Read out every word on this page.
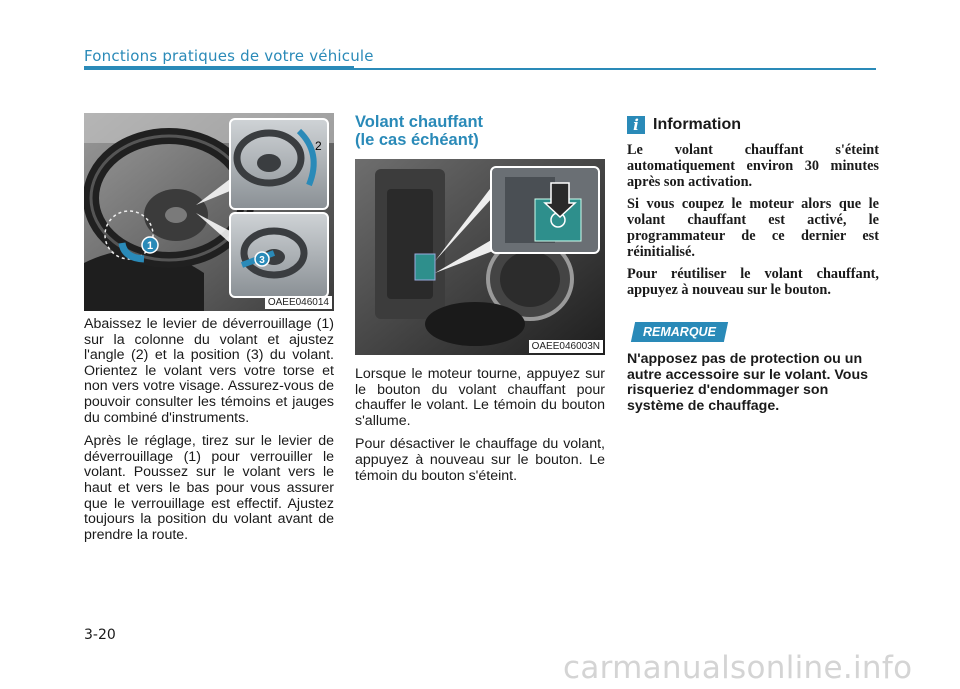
Fonctions pratiques de votre véhicule
1
2
3
OAEE046014

Abaissez le levier de déverrouillage (1) sur la colonne du volant et ajustez l'angle (2) et la position (3) du volant. Orientez le volant vers votre torse et non vers votre visage. Assurez-vous de pouvoir consulter les témoins et jauges du combiné d'instruments.

Après le réglage, tirez sur le levier de déverrouillage (1) pour verrouiller le volant. Poussez sur le volant vers le haut et vers le bas pour vous assurer que le verrouillage est effectif. Ajustez toujours la position du volant avant de prendre la route.

Volant chauffant
(le cas échéant)
OAEE046003N

Lorsque le moteur tourne, appuyez sur le bouton du volant chauffant pour chauffer le volant. Le témoin du bouton s'allume.

Pour désactiver le chauffage du volant, appuyez à nouveau sur le bouton. Le témoin du bouton s'éteint.

i Information

Le volant chauffant s'éteint automatiquement environ 30 minutes après son activation.

Si vous coupez le moteur alors que le volant chauffant est activé, le programmateur de ce dernier est réinitialisé.

Pour réutiliser le volant chauffant, appuyez à nouveau sur le bouton.

REMARQUE

N'apposez pas de protection ou un autre accessoire sur le volant. Vous risqueriez d'endommager son système de chauffage.

3-20
carmanualsonline.info
